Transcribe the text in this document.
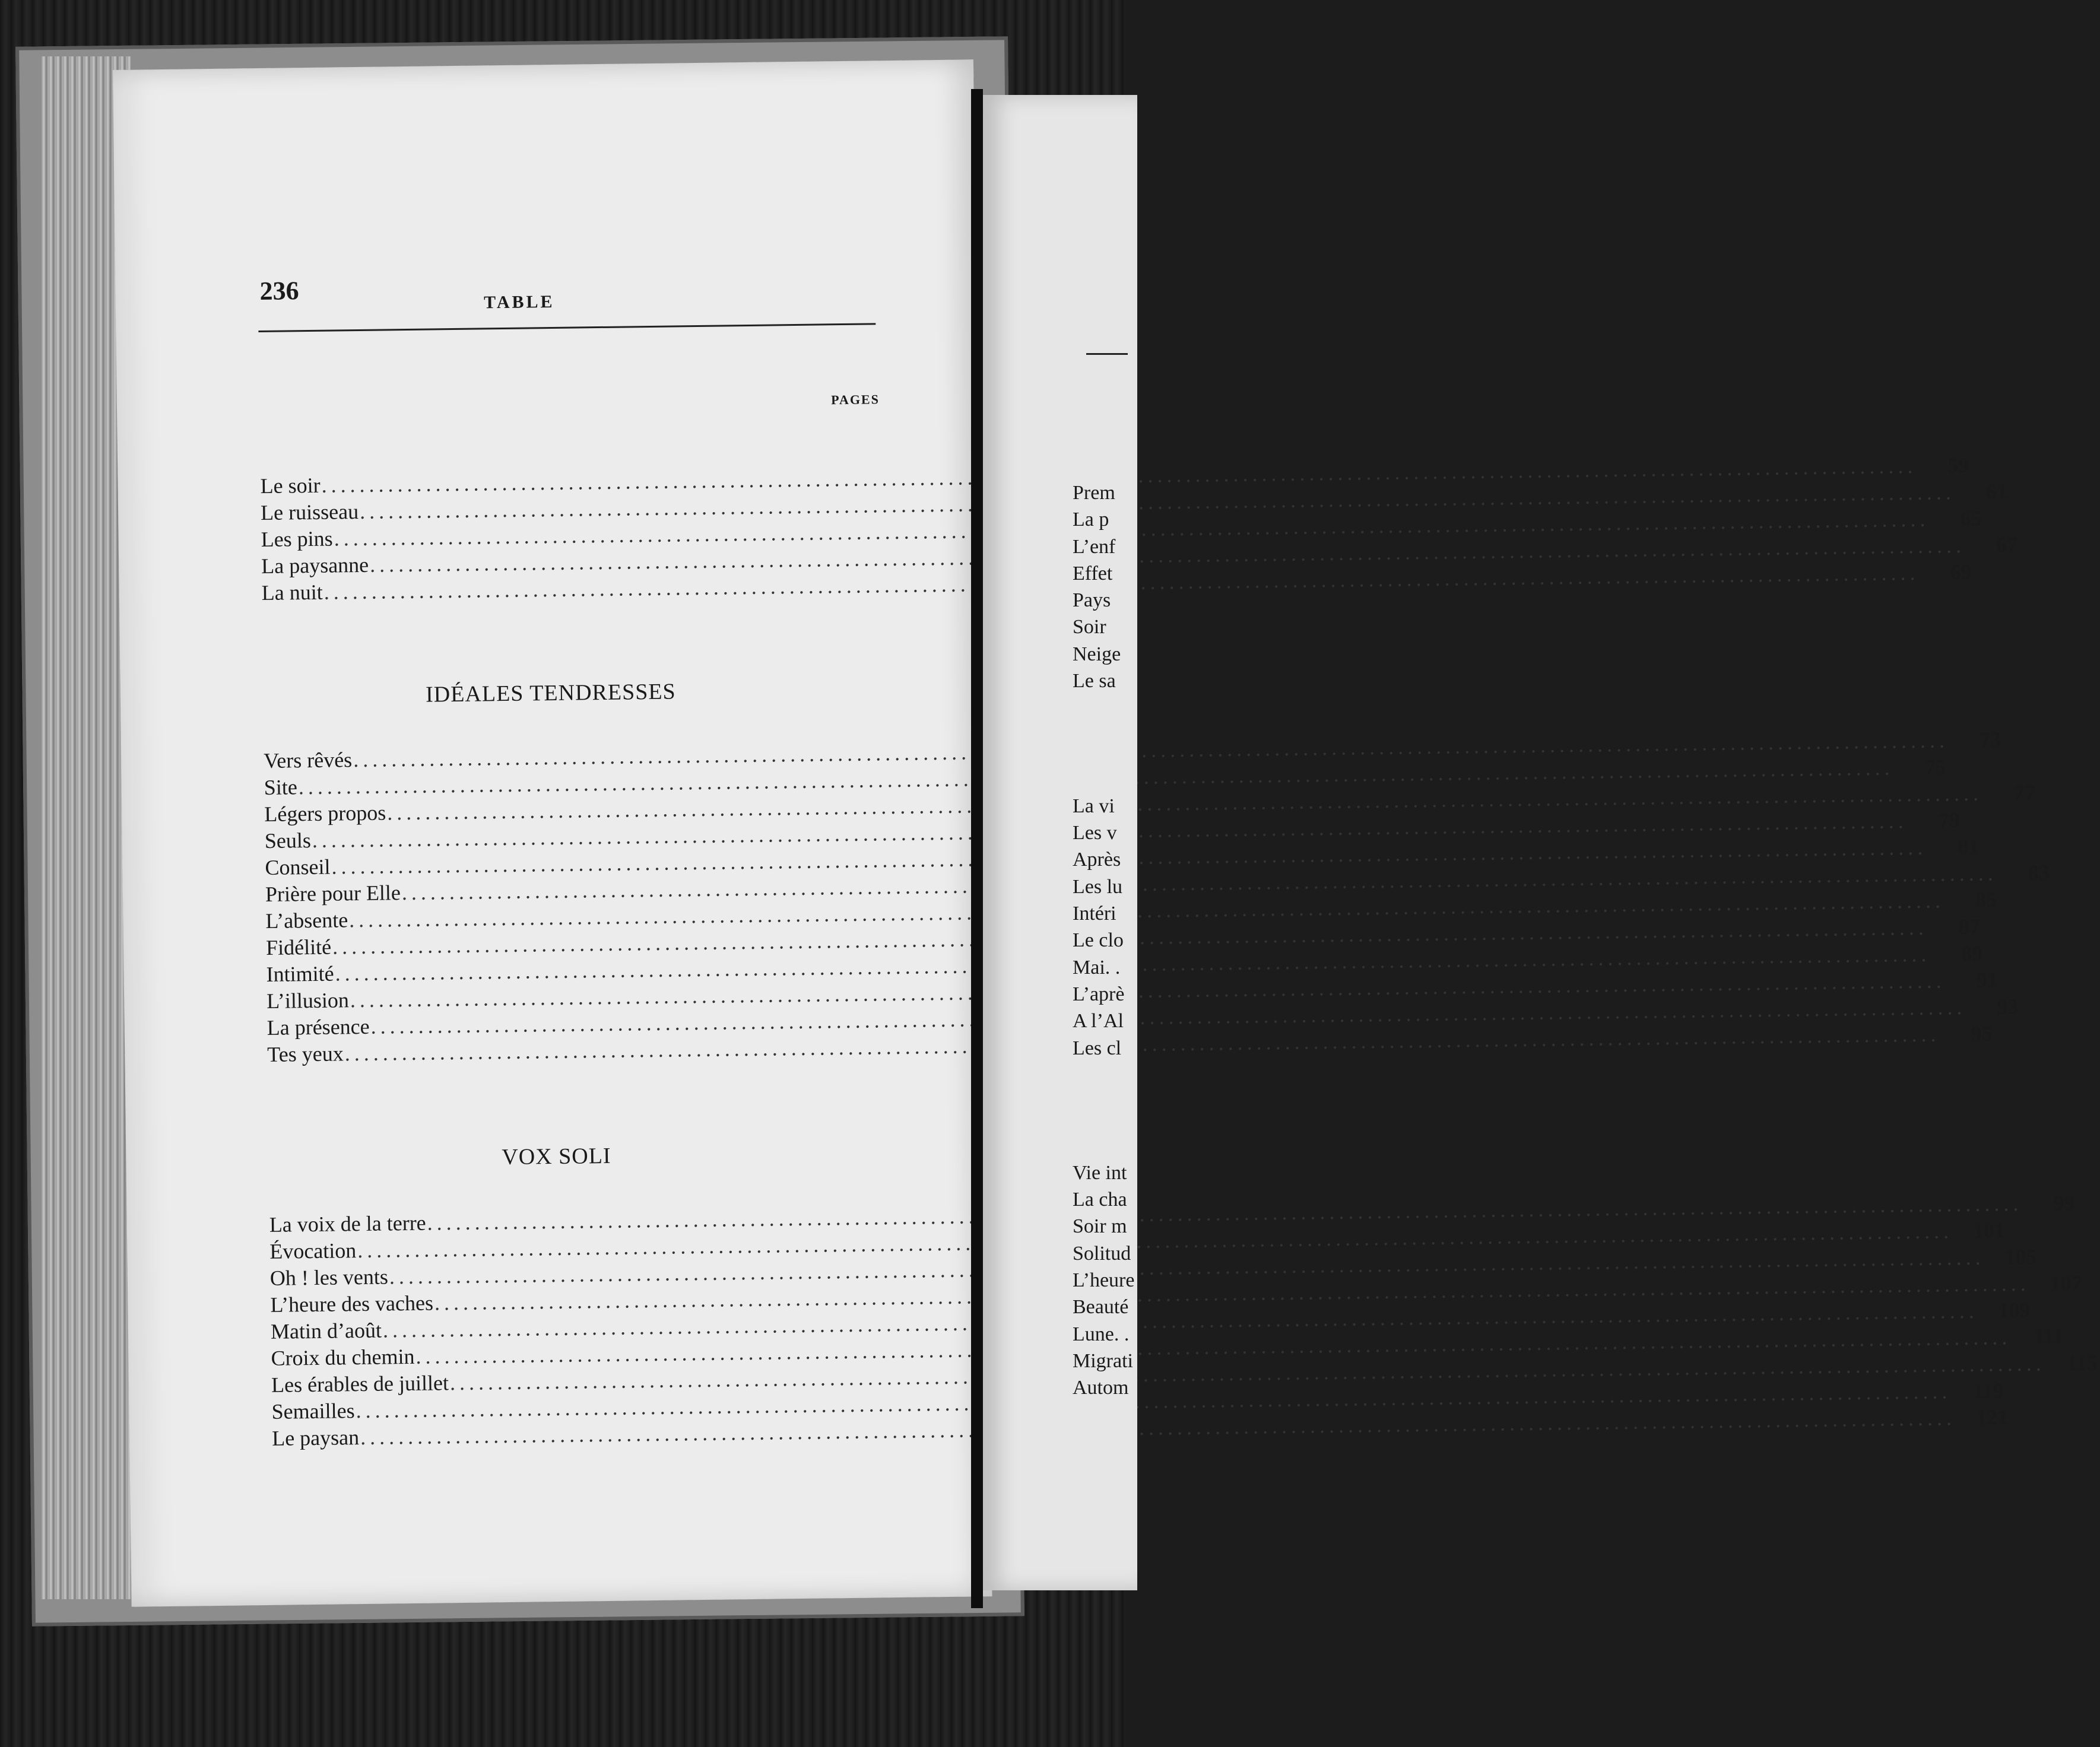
236	TABLE
PAGES
Le soir
.....
59
Le ruisseau
.....
61
Les pins
.....
65
La paysanne
.....
67
La nuit
.....
69
IDÉALES TENDRESSES
Vers rêvés
.....
73
Site
.....
75
Légers propos
.....
77
Seuls
.....
79
Conseil
.....
81
Prière pour Elle
.....
83
L’absente
.....
85
Fidélité
.....
87
Intimité
.....
89
L’illusion
.....
91
La présence
.....
93
Tes yeux
.....
95
VOX SOLI
La voix de la terre
.....
99
Évocation
.....
101
Oh ! les vents
.....
105
L’heure des vaches
.....
107
Matin d’août
.....
109
Croix du chemin
.....
111
Les érables de juillet
.....
115
Semailles
.....
119
Le paysan
.....
121
Prem
La p
L’enf
Effet
Pays
Soir
Neige
Le sa
La vi
Les v
Après
Les lu
Intéri
Le clo
Mai. .
L’aprè
A l’Al
Les cl
Vie int
La cha
Soir m
Solitud
L’heure
Beauté
Lune. .
Migrati
Autom
